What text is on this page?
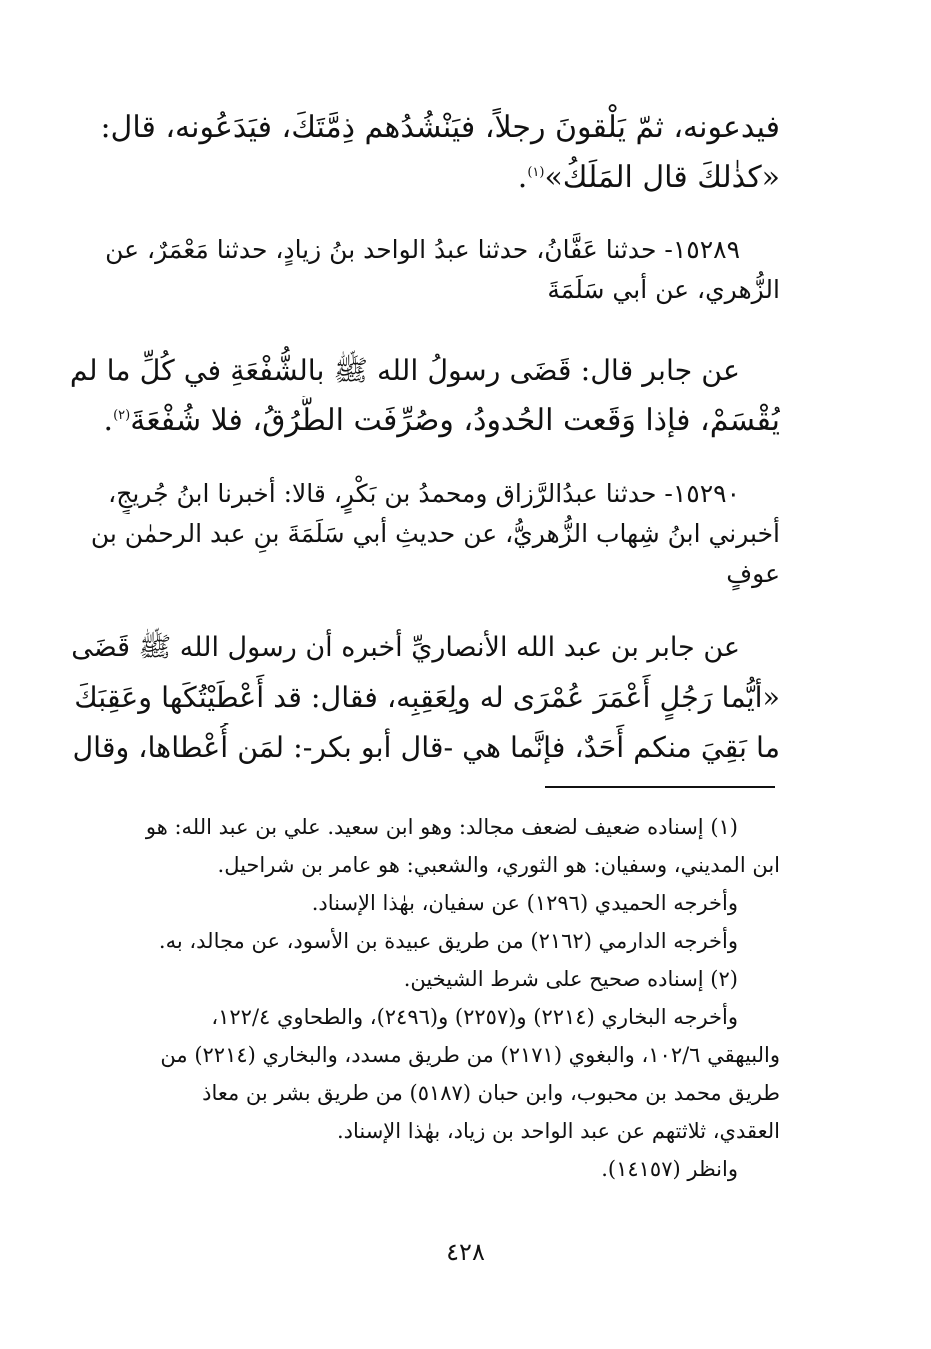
فيدعونه، ثمّ يَلْقونَ رجلاً، فيَنْشُدُهم ذِمَّتَكَ، فيَدَعُونه، قال:
«كذٰلكَ قال المَلَكُ»$^{(١)}$.

١٥٢٨٩- حدثنا عَفَّانُ، حدثنا عبدُ الواحد بنُ زيادٍ، حدثنا مَعْمَرٌ، عن
الزُّهري، عن أبي سَلَمَةَ

عن جابر قال: قَضَى رسولُ الله ﷺ بالشُّفْعَةِ في كُلِّ ما لم
يُقْسَمْ، فإذا وَقَعت الحُدودُ، وصُرِّفَت الطُّرُقُ، فلا شُفْعَةَ$^{(٢)}$.

١٥٢٩٠- حدثنا عبدُالرَّزاق ومحمدُ بن بَكْرٍ، قالا: أخبرنا ابنُ جُريجٍ،
أخبرني ابنُ شِهاب الزُّهريُّ، عن حديثِ أبي سَلَمَةَ بنِ عبد الرحمٰن بن
عوفٍ

عن جابر بن عبد الله الأنصاريِّ أخبره أن رسول الله ﷺ قَضَى
«أيُّما رَجُلٍ أَعْمَرَ عُمْرَى له ولِعَقِبِه، فقال: قد أَعْطَيْتُكَها وعَقِبَكَ
ما بَقِيَ منكم أَحَدٌ، فإنَّما هي -قال أبو بكر-: لمَن أُعْطاها، وقال

(١) إسناده ضعيف لضعف مجالد: وهو ابن سعيد. علي بن عبد الله: هو
ابن المديني، وسفيان: هو الثوري، والشعبي: هو عامر بن شراحيل.
وأخرجه الحميدي (١٢٩٦) عن سفيان، بهٰذا الإسناد.
وأخرجه الدارمي (٢١٦٢) من طريق عبيدة بن الأسود، عن مجالد، به.
(٢) إسناده صحيح على شرط الشيخين.
وأخرجه البخاري (٢٢١٤) و(٢٢٥٧) و(٢٤٩٦)، والطحاوي ١٢٢/٤،
والبيهقي ١٠٢/٦، والبغوي (٢١٧١) من طريق مسدد، والبخاري (٢٢١٤) من
طريق محمد بن محبوب، وابن حبان (٥١٨٧) من طريق بشر بن معاذ
العقدي، ثلاثتهم عن عبد الواحد بن زياد، بهٰذا الإسناد.
وانظر (١٤١٥٧).
٤٢٨
